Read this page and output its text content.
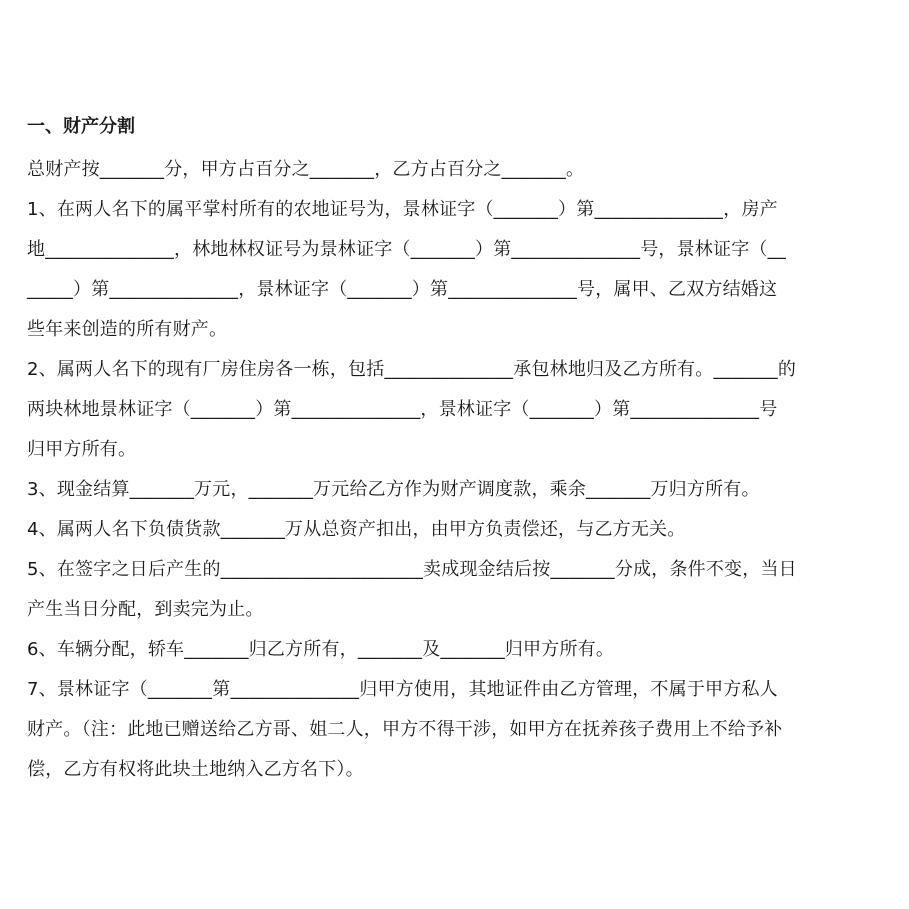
一、财产分割
总财产按_______分，甲方占百分之_______，乙方占百分之_______。
1、在两人名下的属平掌村所有的农地证号为，景林证字（_______）第______________，房产
地______________，林地林权证号为景林证字（_______）第______________号，景林证字（__
_____）第______________，景林证字（_______）第______________号，属甲、乙双方结婚这
些年来创造的所有财产。
2、属两人名下的现有厂房住房各一栋，包括______________承包林地归及乙方所有。_______的
两块林地景林证字（_______）第______________，景林证字（_______）第______________号
归甲方所有。
3、现金结算_______万元，_______万元给乙方作为财产调度款，乘余_______万归方所有。
4、属两人名下负债货款_______万从总资产扣出，由甲方负责偿还，与乙方无关。
5、在签字之日后产生的______________________卖成现金结后按_______分成，条件不变，当日
产生当日分配，到卖完为止。
6、车辆分配，轿车_______归乙方所有，_______及_______归甲方所有。
7、景林证字（_______第______________归甲方使用，其地证件由乙方管理，不属于甲方私人
财产。（注：此地已赠送给乙方哥、姐二人，甲方不得干涉，如甲方在抚养孩子费用上不给予补
偿，乙方有权将此块土地纳入乙方名下）。
